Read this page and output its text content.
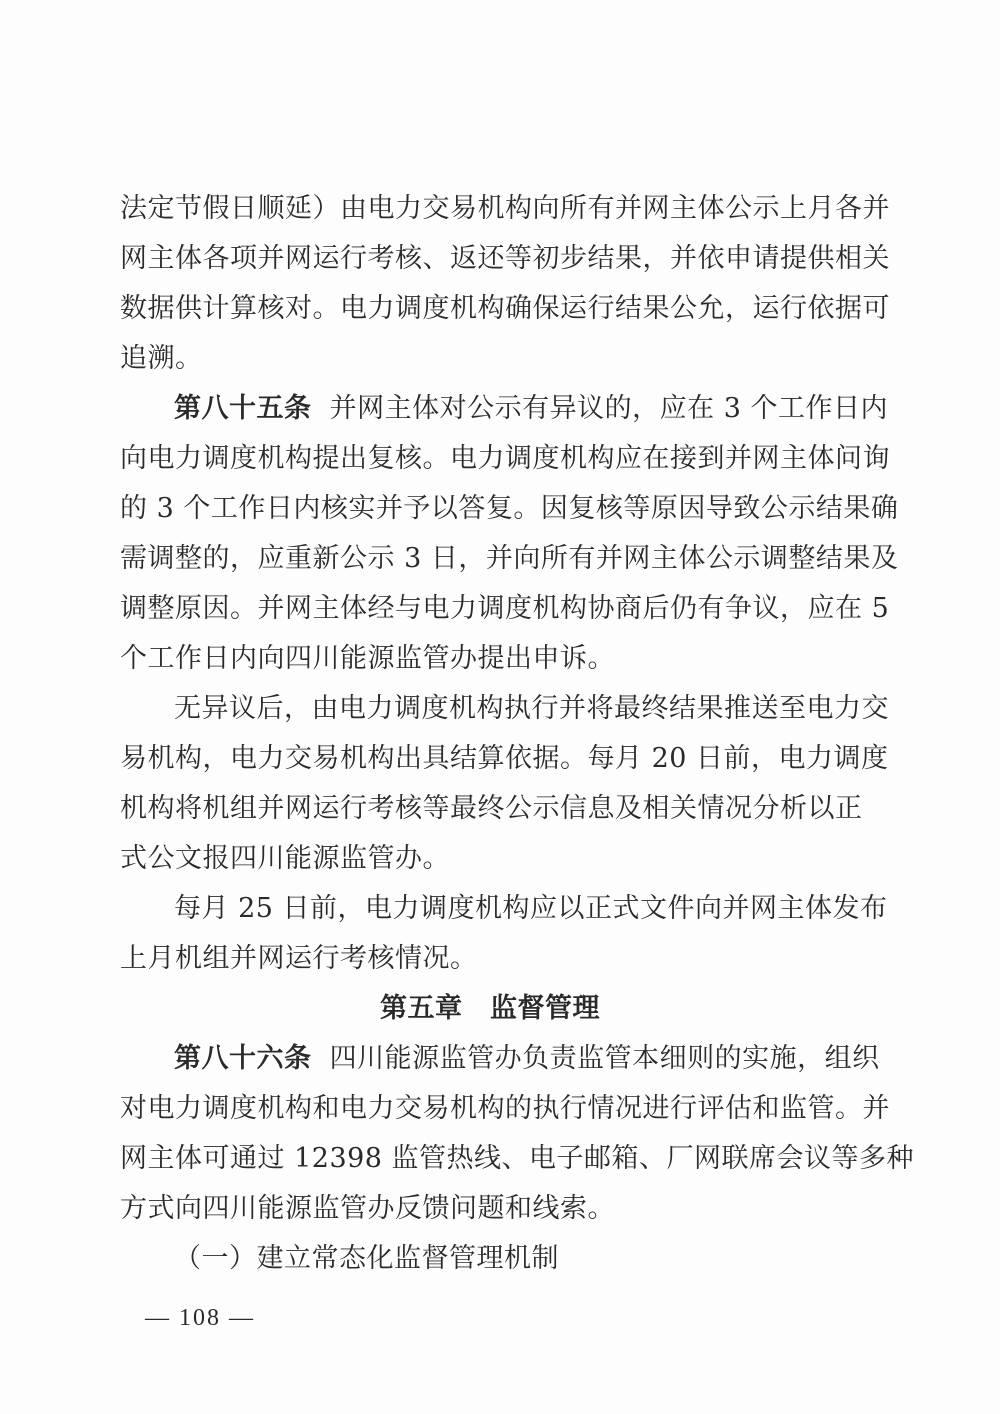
法定节假日顺延）由电力交易机构向所有并网主体公示上月各并
网主体各项并网运行考核、返还等初步结果，并依申请提供相关
数据供计算核对。电力调度机构确保运行结果公允，运行依据可
追溯。
第八十五条 并网主体对公示有异议的，应在 3 个工作日内
向电力调度机构提出复核。电力调度机构应在接到并网主体问询
的 3 个工作日内核实并予以答复。因复核等原因导致公示结果确
需调整的，应重新公示 3 日，并向所有并网主体公示调整结果及
调整原因。并网主体经与电力调度机构协商后仍有争议，应在 5
个工作日内向四川能源监管办提出申诉。
无异议后，由电力调度机构执行并将最终结果推送至电力交
易机构，电力交易机构出具结算依据。每月 20 日前，电力调度
机构将机组并网运行考核等最终公示信息及相关情况分析以正
式公文报四川能源监管办。
每月 25 日前，电力调度机构应以正式文件向并网主体发布
上月机组并网运行考核情况。
第五章　监督管理
第八十六条 四川能源监管办负责监管本细则的实施，组织
对电力调度机构和电力交易机构的执行情况进行评估和监管。并
网主体可通过 12398 监管热线、电子邮箱、厂网联席会议等多种
方式向四川能源监管办反馈问题和线索。
（一）建立常态化监督管理机制
— 108 —
